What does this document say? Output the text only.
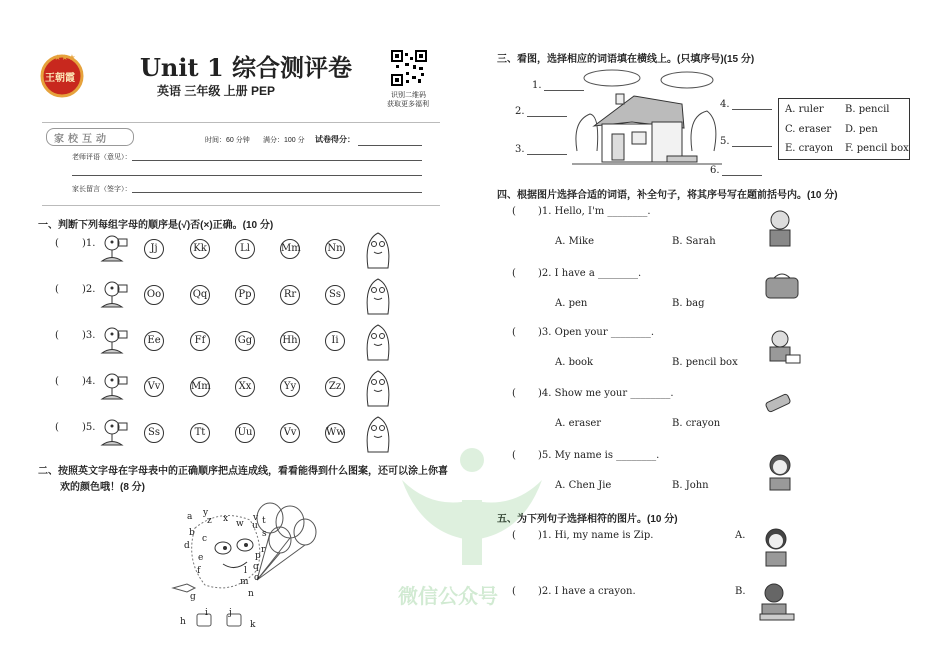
★★★
王朝霞	Unit 1 综合测评卷
英语 三年级 上册 PEP	识别二维码
获取更多福利
家校互动	时间：60 分钟 满分：100 分 试卷得分：
老师评语（意见）：
家长留言（签字）：
一、判断下列每组字母的顺序是(√)否(×)正确。(10 分)
( )1.	Jj	Kk	Ll	Mm	Nn
( )2.	Oo	Qq	Pp	Rr	Ss
( )3.	Ee	Ff	Gg	Hh	Ii
( )4.	Vv	Mm	Xx	Yy	Zz
( )5.	Ss	Tt	Uu	Vv	Ww
二、按照英文字母在字母表中的正确顺序把点连成线，看看能得到什么图案，还可以涂上你喜
欢的颜色哦！(8 分)
a
b
c
d
e
f
g
h
i j
k
l
m
n
o
p
q
r
s
t
u
v
w
x
y
z
三、看图，选择相应的词语填在横线上。(只填序号)(15 分)
1.
2.
3.
4.
5.
6.
A. ruler B. pencil
C. eraser D. pen
E. crayon F. pencil box
四、根据图片选择合适的词语，补全句子，将其序号写在题前括号内。(10 分)
( )1. Hello, I'm ________.
A. Mike	B. Sarah
( )2. I have a ________.
A. pen	B. bag
( )3. Open your ________.
A. book	B. pencil box
( )4. Show me your ________.
A. eraser	B. crayon
( )5. My name is ________.
A. Chen Jie	B. John
五、为下列句子选择相符的图片。(10 分)
( )1. Hi, my name is Zip.	A.
( )2. I have a crayon.	B.
微信公众号
